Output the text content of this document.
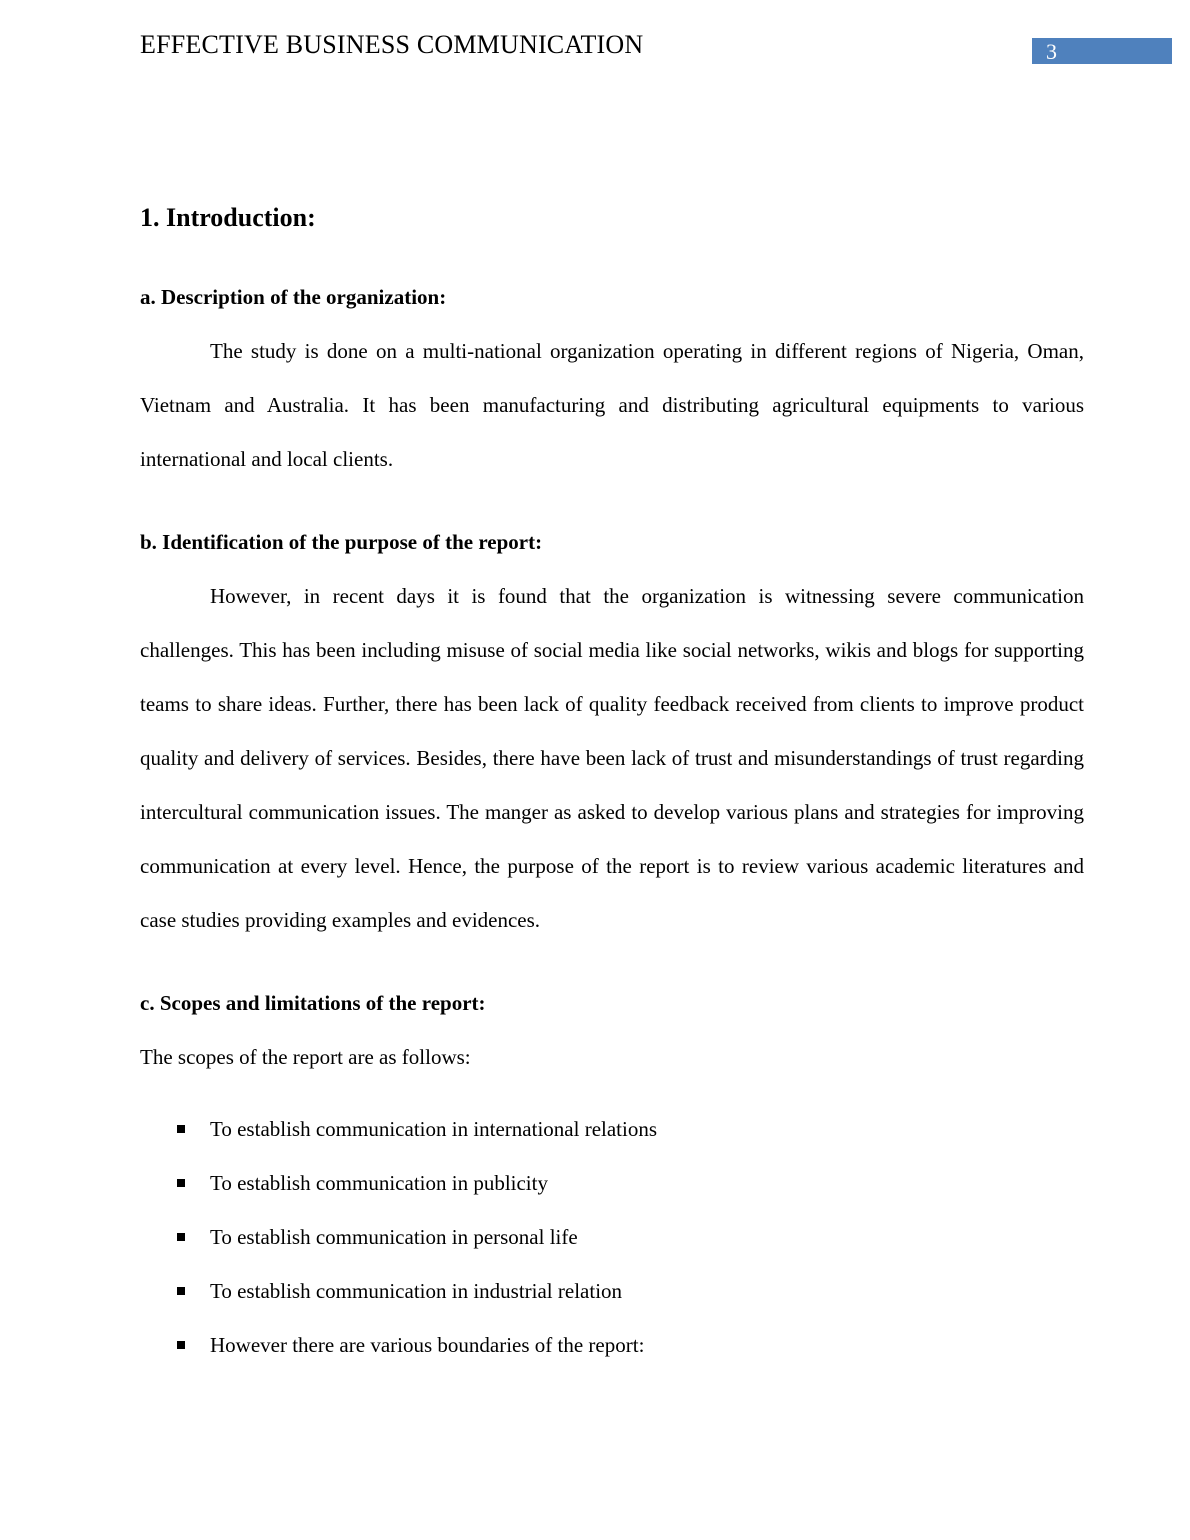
EFFECTIVE BUSINESS COMMUNICATION	3
1. Introduction:
a. Description of the organization:

The study is done on a multi-national organization operating in different regions of Nigeria, Oman, Vietnam and Australia. It has been manufacturing and distributing agricultural equipments to various international and local clients.

b. Identification of the purpose of the report:

However, in recent days it is found that the organization is witnessing severe communication challenges. This has been including misuse of social media like social networks, wikis and blogs for supporting teams to share ideas. Further, there has been lack of quality feedback received from clients to improve product quality and delivery of services. Besides, there have been lack of trust and misunderstandings of trust regarding intercultural communication issues. The manger as asked to develop various plans and strategies for improving communication at every level. Hence, the purpose of the report is to review various academic literatures and case studies providing examples and evidences.

c. Scopes and limitations of the report:

The scopes of the report are as follows:

To establish communication in international relations
To establish communication in publicity
To establish communication in personal life
To establish communication in industrial relation
However there are various boundaries of the report:
